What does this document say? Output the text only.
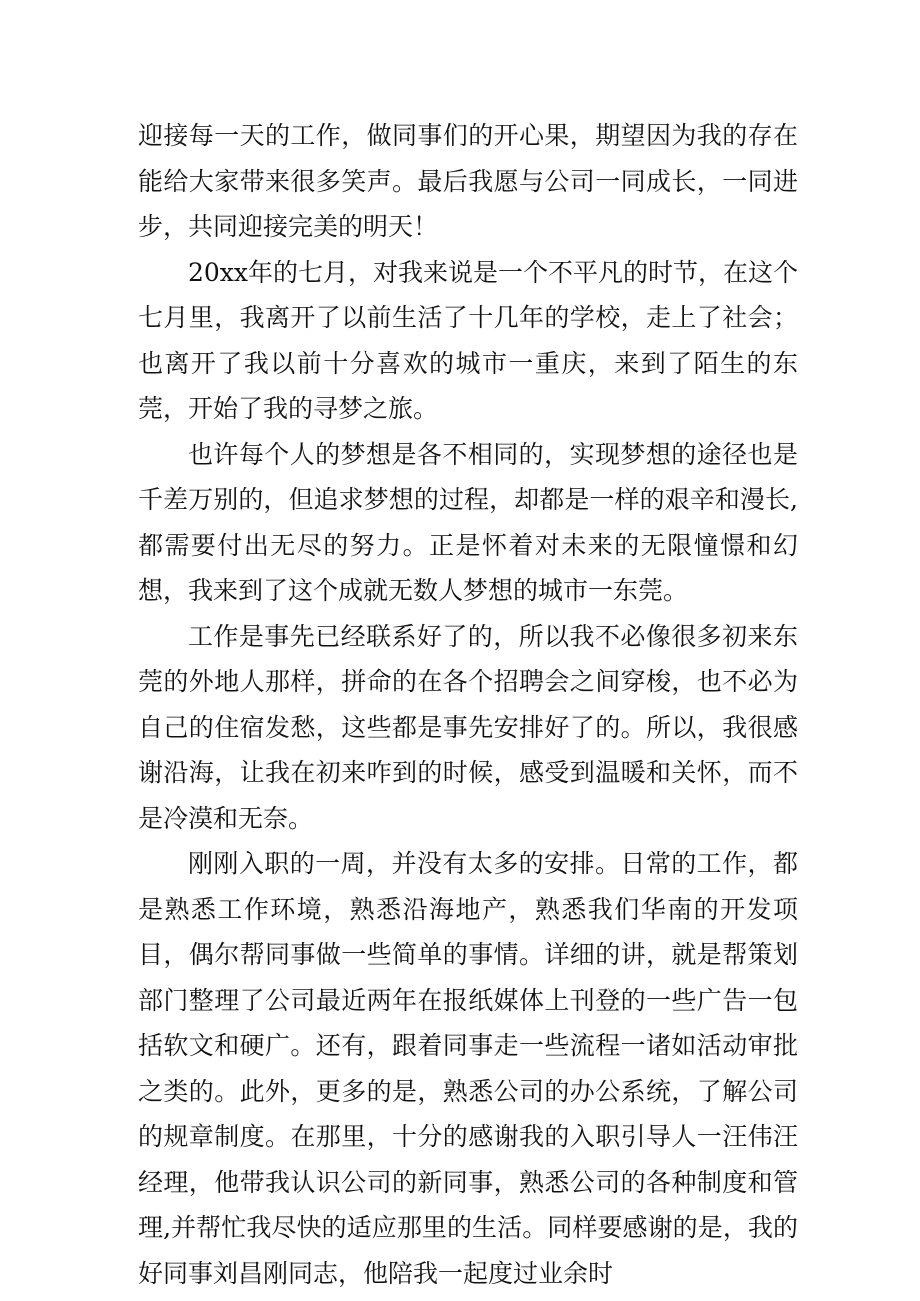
迎接每一天的工作，做同事们的开心果，期望因为我的存在能给大家带来很多笑声。最后我愿与公司一同成长，一同进步，共同迎接完美的明天！

20xx年的七月，对我来说是一个不平凡的时节，在这个七月里，我离开了以前生活了十几年的学校，走上了社会；也离开了我以前十分喜欢的城市一重庆，来到了陌生的东莞，开始了我的寻梦之旅。

也许每个人的梦想是各不相同的，实现梦想的途径也是千差万别的，但追求梦想的过程，却都是一样的艰辛和漫长,都需要付出无尽的努力。正是怀着对未来的无限憧憬和幻想，我来到了这个成就无数人梦想的城市一东莞。

工作是事先已经联系好了的，所以我不必像很多初来东莞的外地人那样，拼命的在各个招聘会之间穿梭，也不必为自己的住宿发愁，这些都是事先安排好了的。所以，我很感谢沿海，让我在初来咋到的时候，感受到温暖和关怀，而不是冷漠和无奈。

刚刚入职的一周，并没有太多的安排。日常的工作，都是熟悉工作环境，熟悉沿海地产，熟悉我们华南的开发项目，偶尔帮同事做一些简单的事情。详细的讲，就是帮策划部门整理了公司最近两年在报纸媒体上刊登的一些广告一包括软文和硬广。还有，跟着同事走一些流程一诸如活动审批之类的。此外，更多的是，熟悉公司的办公系统，了解公司的规章制度。在那里，十分的感谢我的入职引导人一汪伟汪经理，他带我认识公司的新同事，熟悉公司的各种制度和管理,并帮忙我尽快的适应那里的生活。同样要感谢的是，我的好同事刘昌刚同志，他陪我一起度过业余时
